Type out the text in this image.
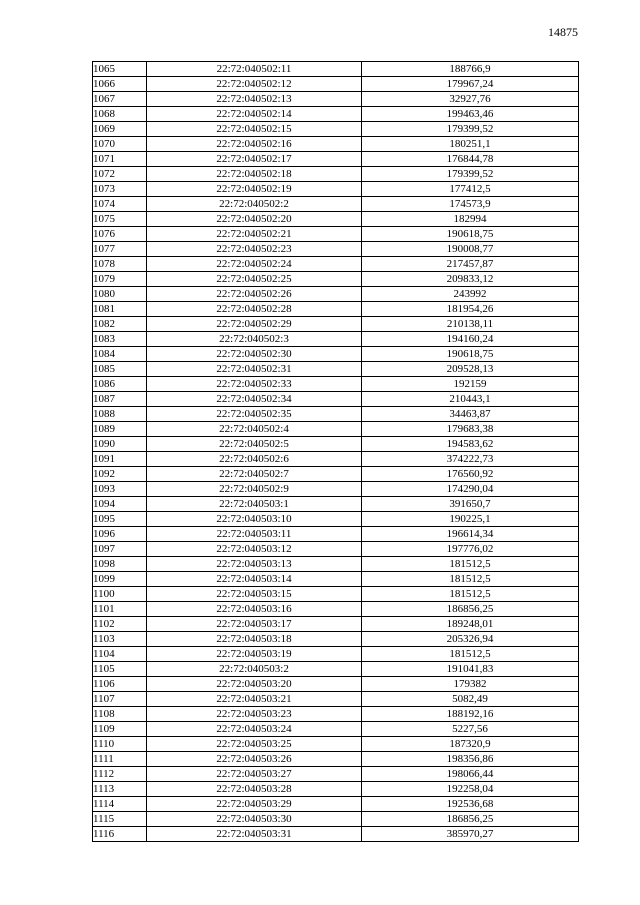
14875
1065	22:72:040502:11	188766,9
1066	22:72:040502:12	179967,24
1067	22:72:040502:13	32927,76
1068	22:72:040502:14	199463,46
1069	22:72:040502:15	179399,52
1070	22:72:040502:16	180251,1
1071	22:72:040502:17	176844,78
1072	22:72:040502:18	179399,52
1073	22:72:040502:19	177412,5
1074	22:72:040502:2	174573,9
1075	22:72:040502:20	182994
1076	22:72:040502:21	190618,75
1077	22:72:040502:23	190008,77
1078	22:72:040502:24	217457,87
1079	22:72:040502:25	209833,12
1080	22:72:040502:26	243992
1081	22:72:040502:28	181954,26
1082	22:72:040502:29	210138,11
1083	22:72:040502:3	194160,24
1084	22:72:040502:30	190618,75
1085	22:72:040502:31	209528,13
1086	22:72:040502:33	192159
1087	22:72:040502:34	210443,1
1088	22:72:040502:35	34463,87
1089	22:72:040502:4	179683,38
1090	22:72:040502:5	194583,62
1091	22:72:040502:6	374222,73
1092	22:72:040502:7	176560,92
1093	22:72:040502:9	174290,04
1094	22:72:040503:1	391650,7
1095	22:72:040503:10	190225,1
1096	22:72:040503:11	196614,34
1097	22:72:040503:12	197776,02
1098	22:72:040503:13	181512,5
1099	22:72:040503:14	181512,5
1100	22:72:040503:15	181512,5
1101	22:72:040503:16	186856,25
1102	22:72:040503:17	189248,01
1103	22:72:040503:18	205326,94
1104	22:72:040503:19	181512,5
1105	22:72:040503:2	191041,83
1106	22:72:040503:20	179382
1107	22:72:040503:21	5082,49
1108	22:72:040503:23	188192,16
1109	22:72:040503:24	5227,56
1110	22:72:040503:25	187320,9
1111	22:72:040503:26	198356,86
1112	22:72:040503:27	198066,44
1113	22:72:040503:28	192258,04
1114	22:72:040503:29	192536,68
1115	22:72:040503:30	186856,25
1116	22:72:040503:31	385970,27
